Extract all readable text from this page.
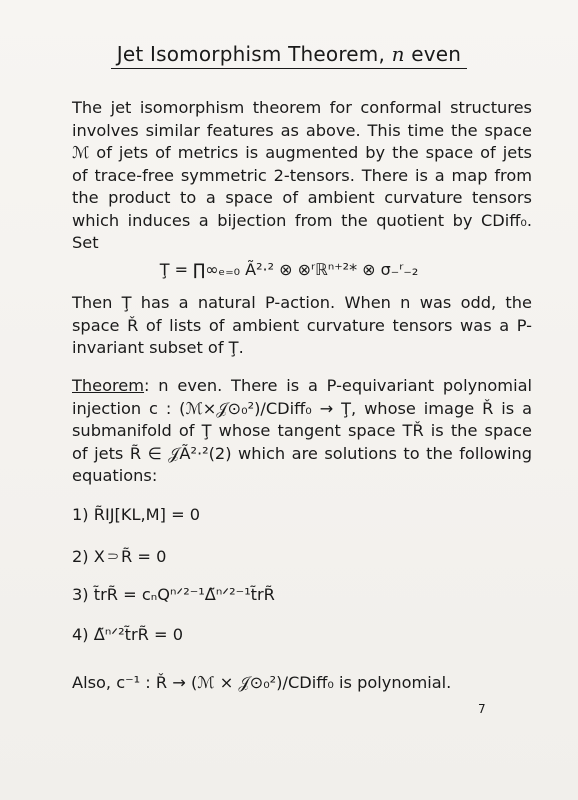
Jet Isomorphism Theorem, n even
The jet isomorphism theorem for conformal structures involves similar features as above. This time the space ℳ of jets of metrics is augmented by the space of jets of trace-free symmetric 2-tensors. There is a map from the product to a space of ambient curvature tensors which induces a bijection from the quotient by CDiff₀. Set
Ţ = ∏∞ₑ₌₀ Ã²·² ⊗ ⊗ʳℝⁿ⁺²* ⊗ σ₋ʳ₋₂
Then Ţ has a natural P-action. When n was odd, the space Ř of lists of ambient curvature tensors was a P-invariant subset of Ţ.
Theorem: n even. There is a P-equivariant polynomial injection c : (ℳ×𝒥⊙₀²)/CDiff₀ → Ţ, whose image Ř is a submanifold of Ţ whose tangent space TŘ is the space of jets R̃ ∈ 𝒥Ã²·²(2) which are solutions to the following equations:
1) R̃IJ[KL,M] = 0
2) X⸧R̃ = 0
3) t̃rR̃ = cₙQⁿᐟ²⁻¹Δ̃ⁿᐟ²⁻¹t̃rR̃
4) Δ̃ⁿᐟ²t̃rR̃ = 0
Also, c⁻¹ : Ř → (ℳ × 𝒥⊙₀²)/CDiff₀ is polynomial.
7
